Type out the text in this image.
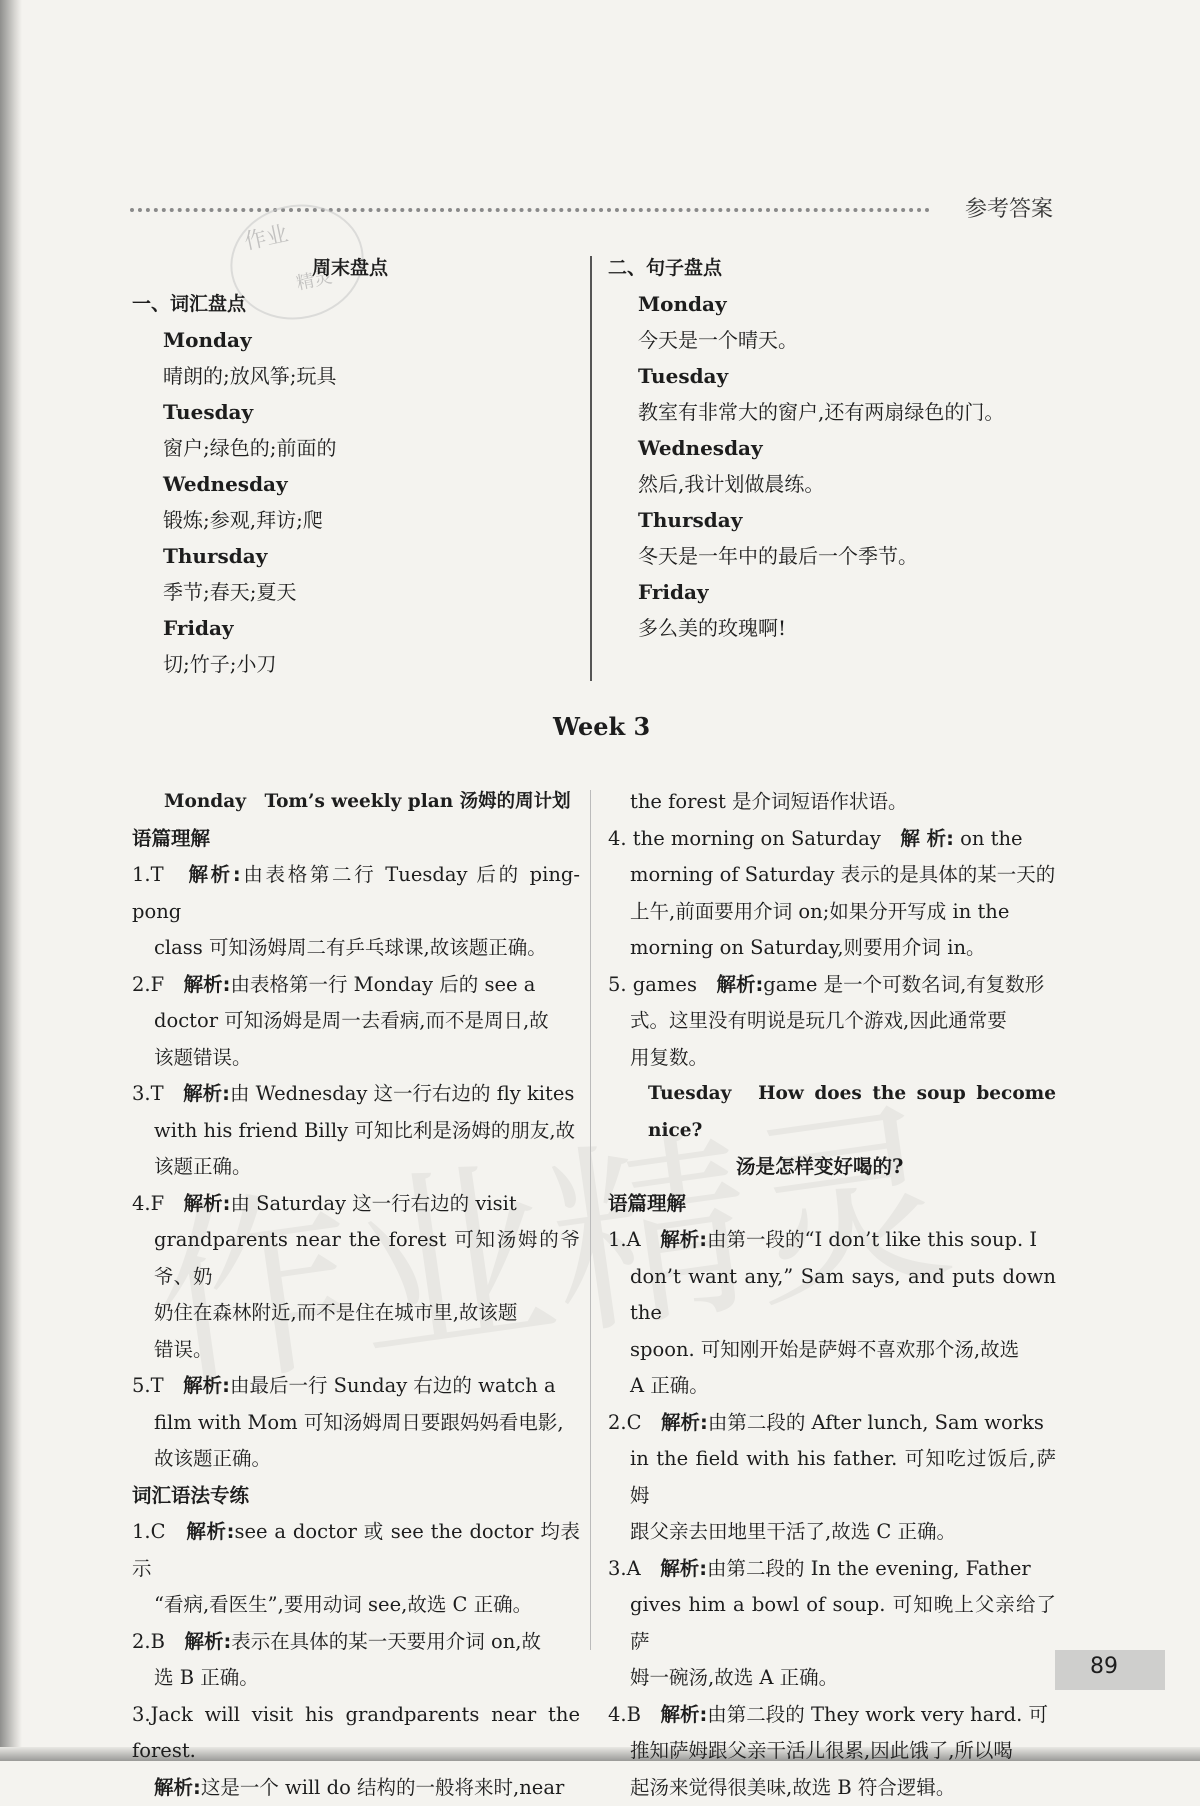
参考答案
作业
精灵
周末盘点
一、词汇盘点
Monday
晴朗的;放风筝;玩具
Tuesday
窗户;绿色的;前面的
Wednesday
锻炼;参观,拜访;爬
Thursday
季节;春天;夏天
Friday
切;竹子;小刀
二、句子盘点
Monday
今天是一个晴天。
Tuesday
教室有非常大的窗户,还有两扇绿色的门。
Wednesday
然后,我计划做晨练。
Thursday
冬天是一年中的最后一个季节。
Friday
多么美的玫瑰啊!
Week 3

Monday　Tom’s weekly plan 汤姆的周计划

语篇理解

1.T　解析:由表格第二行 Tuesday 后的 ping-pong

class 可知汤姆周二有乒乓球课,故该题正确。

2.F　解析:由表格第一行 Monday 后的 see a

doctor 可知汤姆是周一去看病,而不是周日,故

该题错误。

3.T　解析:由 Wednesday 这一行右边的 fly kites

with his friend Billy 可知比利是汤姆的朋友,故

该题正确。

4.F　解析:由 Saturday 这一行右边的 visit

grandparents near the forest 可知汤姆的爷爷、奶

奶住在森林附近,而不是住在城市里,故该题

错误。

5.T　解析:由最后一行 Sunday 右边的 watch a

film with Mom 可知汤姆周日要跟妈妈看电影,

故该题正确。

词汇语法专练

1.C　解析:see a doctor 或 see the doctor 均表示

“看病,看医生”,要用动词 see,故选 C 正确。

2.B　解析:表示在具体的某一天要用介词 on,故

选 B 正确。

3.Jack will visit his grandparents near the forest.

解析:这是一个 will do 结构的一般将来时,near

the forest 是介词短语作状语。

4. the morning on Saturday　解 析: on the

morning of Saturday 表示的是具体的某一天的

上午,前面要用介词 on;如果分开写成 in the

morning on Saturday,则要用介词 in。

5. games　解析:game 是一个可数名词,有复数形

式。这里没有明说是玩几个游戏,因此通常要

用复数。

Tuesday　How does the soup become nice?

汤是怎样变好喝的?

语篇理解

1.A　解析:由第一段的“I don’t like this soup. I

don’t want any,” Sam says, and puts down the

spoon. 可知刚开始是萨姆不喜欢那个汤,故选

A 正确。

2.C　解析:由第二段的 After lunch, Sam works

in the field with his father. 可知吃过饭后,萨姆

跟父亲去田地里干活了,故选 C 正确。

3.A　解析:由第二段的 In the evening, Father

gives him a bowl of soup. 可知晚上父亲给了萨

姆一碗汤,故选 A 正确。

4.B　解析:由第二段的 They work very hard. 可

推知萨姆跟父亲干活儿很累,因此饿了,所以喝

起汤来觉得很美味,故选 B 符合逻辑。

89
